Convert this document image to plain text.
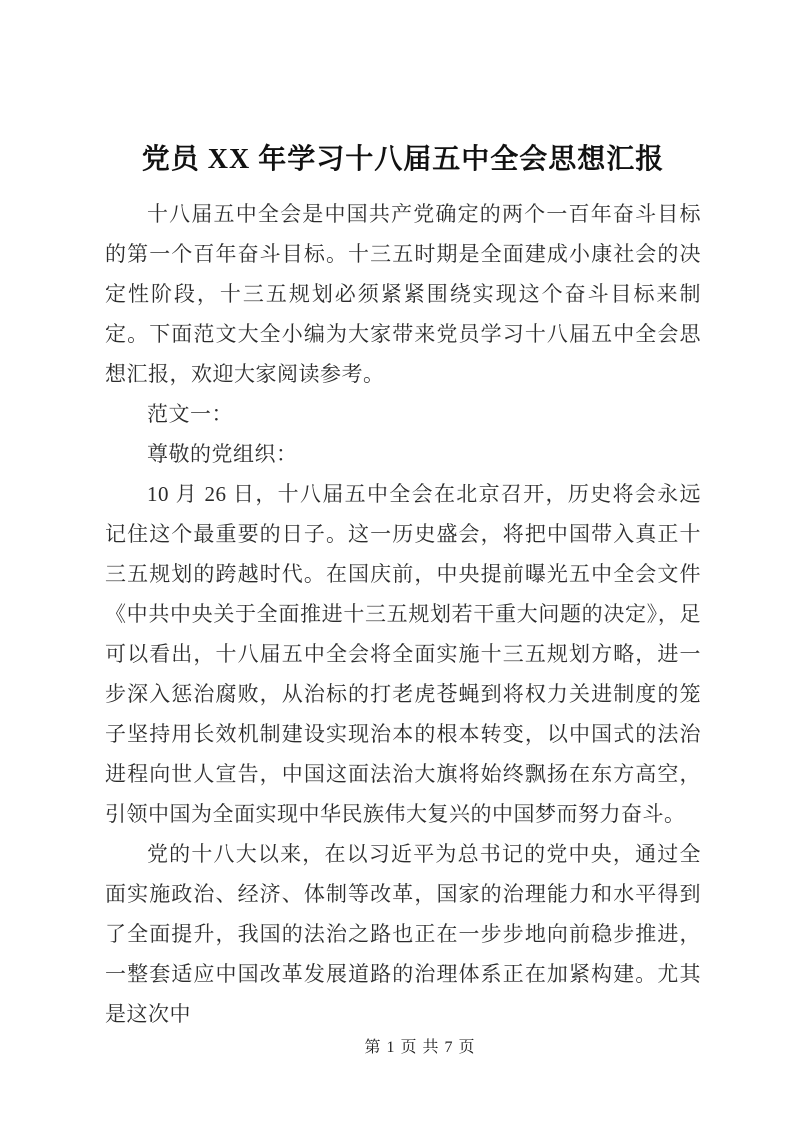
党员 XX 年学习十八届五中全会思想汇报

十八届五中全会是中国共产党确定的两个一百年奋斗目标的第一个百年奋斗目标。十三五时期是全面建成小康社会的决定性阶段，十三五规划必须紧紧围绕实现这个奋斗目标来制定。下面范文大全小编为大家带来党员学习十八届五中全会思想汇报，欢迎大家阅读参考。

范文一：

尊敬的党组织：

10 月 26 日，十八届五中全会在北京召开，历史将会永远记住这个最重要的日子。这一历史盛会，将把中国带入真正十三五规划的跨越时代。在国庆前，中央提前曝光五中全会文件《中共中央关于全面推进十三五规划若干重大问题的决定》，足可以看出，十八届五中全会将全面实施十三五规划方略，进一步深入惩治腐败，从治标的打老虎苍蝇到将权力关进制度的笼子坚持用长效机制建设实现治本的根本转变，以中国式的法治进程向世人宣告，中国这面法治大旗将始终飘扬在东方高空，引领中国为全面实现中华民族伟大复兴的中国梦而努力奋斗。

党的十八大以来，在以习近平为总书记的党中央，通过全面实施政治、经济、体制等改革，国家的治理能力和水平得到了全面提升，我国的法治之路也正在一步步地向前稳步推进，一整套适应中国改革发展道路的治理体系正在加紧构建。尤其是这次中

第 1 页 共 7 页
